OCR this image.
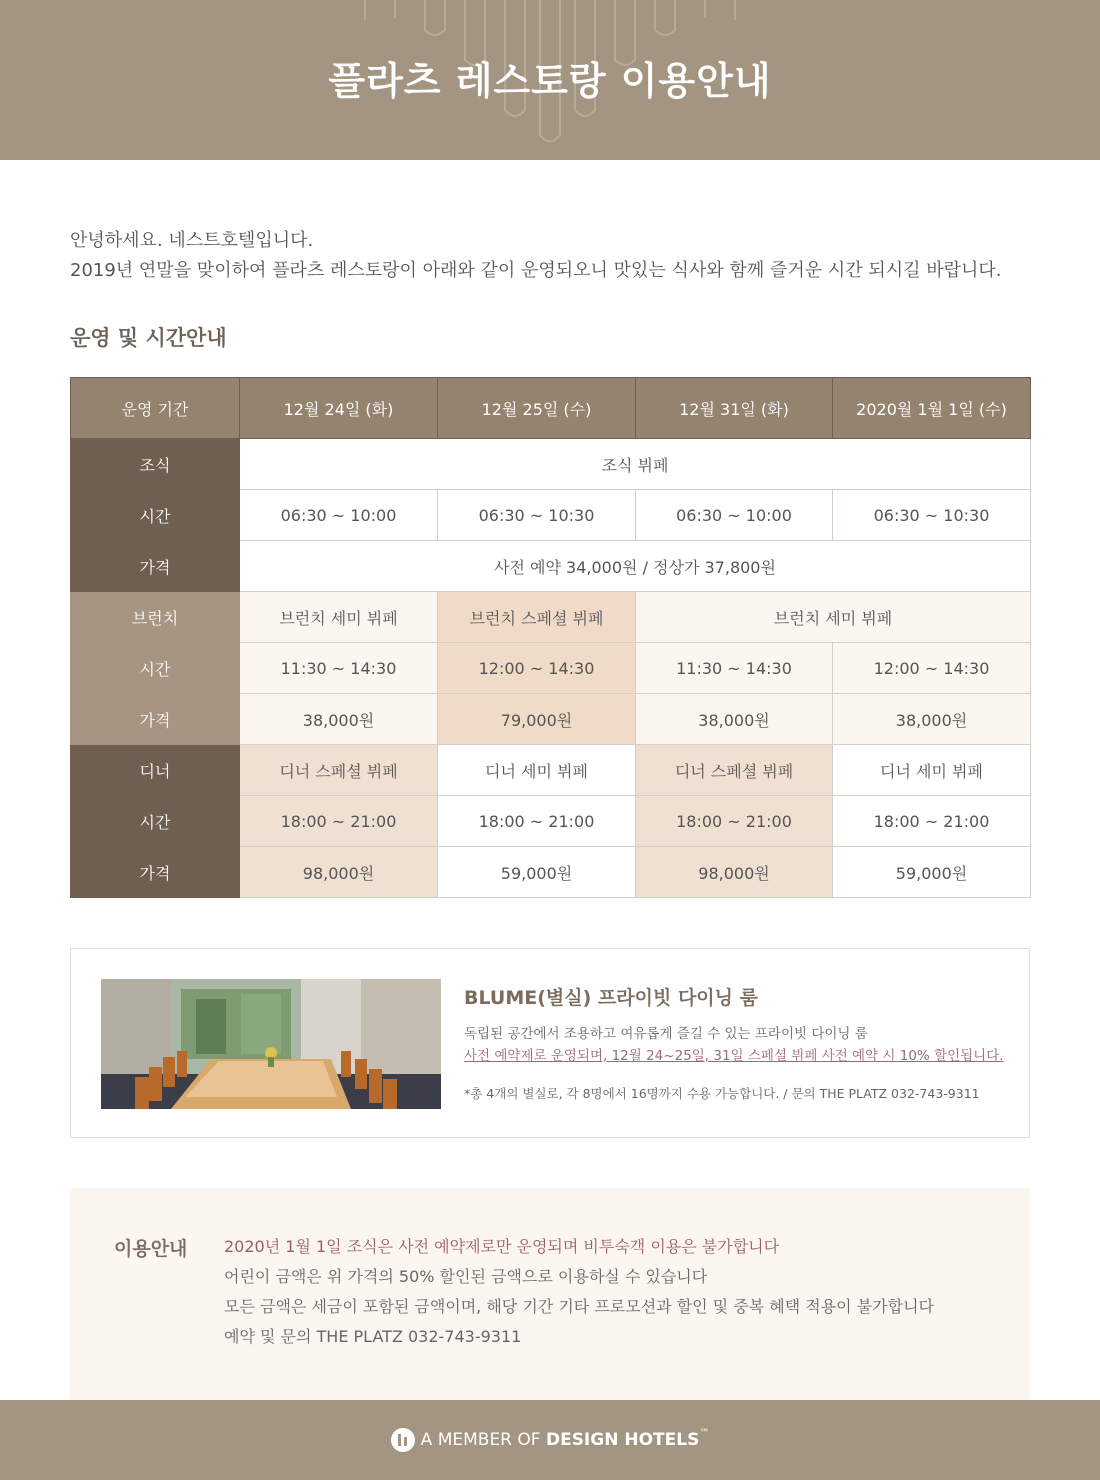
플라츠 레스토랑 이용안내
안녕하세요. 네스트호텔입니다.
2019년 연말을 맞이하여 플라츠 레스토랑이 아래와 같이 운영되오니 맛있는 식사와 함께 즐거운 시간 되시길 바랍니다.
운영 및 시간안내
운영 기간	12월 24일 (화)	12월 25일 (수)	12월 31일 (화)	2020월 1월 1일 (수)
조식	조식 뷔페			
시간	06:30 ~ 10:00	06:30 ~ 10:30	06:30 ~ 10:00	06:30 ~ 10:30
가격	사전 예약 34,000원 / 정상가 37,800원			
브런치	브런치 세미 뷔페	브런치 스페셜 뷔페	브런치 세미 뷔페	
시간	11:30 ~ 14:30	12:00 ~ 14:30	11:30 ~ 14:30	12:00 ~ 14:30
가격	38,000원	79,000원	38,000원	38,000원
디너	디너 스페셜 뷔페	디너 세미 뷔페	디너 스페셜 뷔페	디너 세미 뷔페
시간	18:00 ~ 21:00	18:00 ~ 21:00	18:00 ~ 21:00	18:00 ~ 21:00
가격	98,000원	59,000원	98,000원	59,000원
BLUME(별실) 프라이빗 다이닝 룸
독립된 공간에서 조용하고 여유롭게 즐길 수 있는 프라이빗 다이닝 룸
사전 예약제로 운영되며, 12월 24~25일, 31일 스페셜 뷔페 사전 예약 시 10% 할인됩니다.
*총 4개의 별실로, 각 8명에서 16명까지 수용 가능합니다. / 문의 THE PLATZ 032-743-9311
이용안내 2020년 1월 1일 조식은 사전 예약제로만 운영되며 비투숙객 이용은 불가합니다
어린이 금액은 위 가격의 50% 할인된 금액으로 이용하실 수 있습니다
모든 금액은 세금이 포함된 금액이며, 해당 기간 기타 프로모션과 할인 및 중복 혜택 적용이 불가합니다
예약 및 문의 THE PLATZ 032-743-9311
A MEMBER OF DESIGN HOTELS™
